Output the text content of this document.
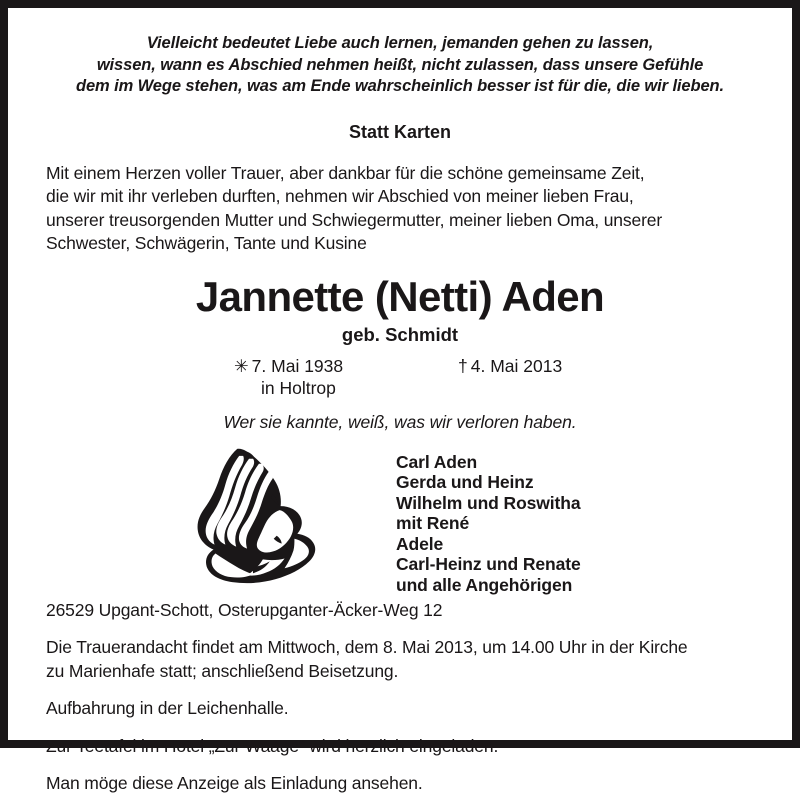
Vielleicht bedeutet Liebe auch lernen, jemanden gehen zu lassen,
wissen, wann es Abschied nehmen heißt, nicht zulassen, dass unsere Gefühle
dem im Wege stehen, was am Ende wahrscheinlich besser ist für die, die wir lieben.
Statt Karten
Mit einem Herzen voller Trauer, aber dankbar für die schöne gemeinsame Zeit,
die wir mit ihr verleben durften, nehmen wir Abschied von meiner lieben Frau,
unserer treusorgenden Mutter und Schwiegermutter, meiner lieben Oma, unserer
Schwester, Schwägerin, Tante und Kusine
Jannette (Netti) Aden
geb. Schmidt
✳ 7. Mai 1938
in Holtrop
† 4. Mai 2013
Wer sie kannte, weiß, was wir verloren haben.
Carl Aden
Gerda und Heinz
Wilhelm und Roswitha
mit René
Adele
Carl-Heinz und Renate
und alle Angehörigen

26529 Upgant-Schott, Osterupganter-Äcker-Weg 12

Die Trauerandacht findet am Mittwoch, dem 8. Mai 2013, um 14.00 Uhr in der Kirche
zu Marienhafe statt; anschließend Beisetzung.

Aufbahrung in der Leichenhalle.

Zur Teetafel im Hotel „Zur Waage“ wird herzlich eingeladen.

Man möge diese Anzeige als Einladung ansehen.
